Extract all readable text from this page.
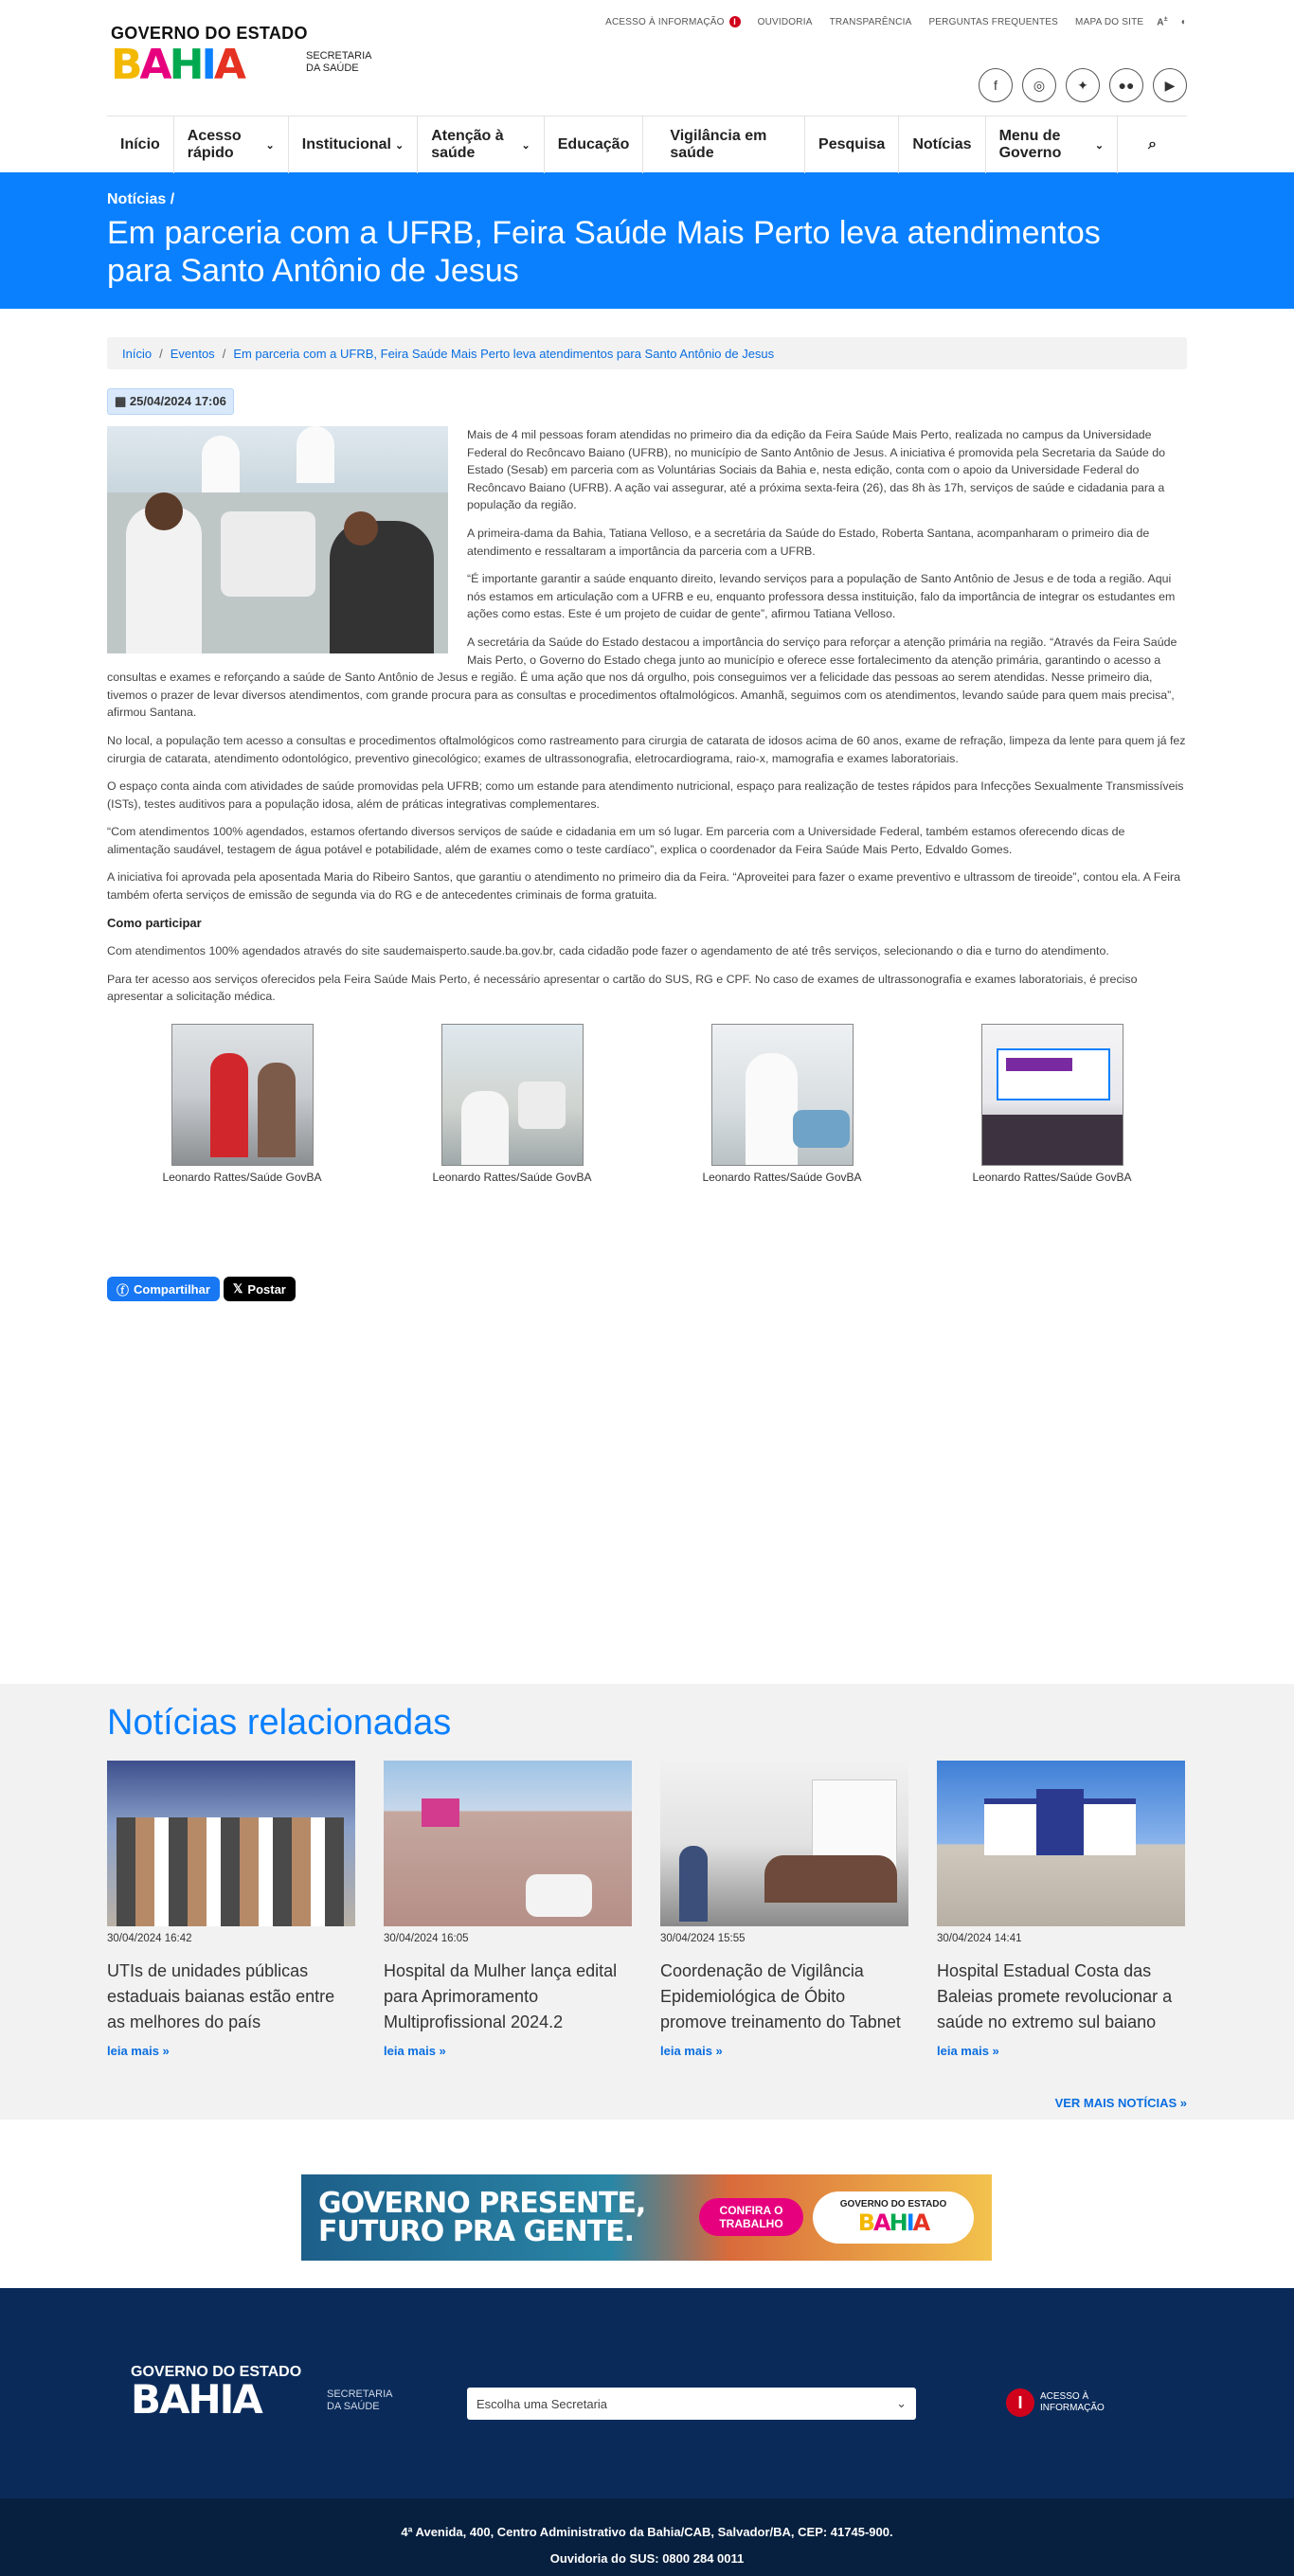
ACESSO À INFORMAÇÃO I	OUVIDORIA TRANSPARÊNCIA PERGUNTAS FREQUENTES MAPA DO SITE A± ◐
GOVERNO DO ESTADO
B A H I A	SECRETARIA DA SAÚDE
f	◎	✦	●●	▶
Início
Acesso rápido	⌄ Institucional ⌄
Atenção à saúde	⌄ Educação
Vigilância em saúde
Pesquisa Notícias
Menu de Governo	⌄	⌕
Notícias /
Em parceria com a UFRB, Feira Saúde Mais Perto leva atendimentos para Santo Antônio de Jesus
Início / Eventos / Em parceria com a UFRB, Feira Saúde Mais Perto leva atendimentos para Santo Antônio de Jesus
▦ 25/04/2024 17:06

Mais de 4 mil pessoas foram atendidas no primeiro dia da edição da Feira Saúde Mais Perto, realizada no campus da Universidade Federal do Recôncavo Baiano (UFRB), no município de Santo Antônio de Jesus. A iniciativa é promovida pela Secretaria da Saúde do Estado (Sesab) em parceria com as Voluntárias Sociais da Bahia e, nesta edição, conta com o apoio da Universidade Federal do Recôncavo Baiano (UFRB). A ação vai assegurar, até a próxima sexta-feira (26), das 8h às 17h, serviços de saúde e cidadania para a população da região.

A primeira-dama da Bahia, Tatiana Velloso, e a secretária da Saúde do Estado, Roberta Santana, acompanharam o primeiro dia de atendimento e ressaltaram a importância da parceria com a UFRB.

“É importante garantir a saúde enquanto direito, levando serviços para a população de Santo Antônio de Jesus e de toda a região. Aqui nós estamos em articulação com a UFRB e eu, enquanto professora dessa instituição, falo da importância de integrar os estudantes em ações como estas. Este é um projeto de cuidar de gente”, afirmou Tatiana Velloso.

A secretária da Saúde do Estado destacou a importância do serviço para reforçar a atenção primária na região. “Através da Feira Saúde Mais Perto, o Governo do Estado chega junto ao município e oferece esse fortalecimento da atenção primária, garantindo o acesso a consultas e exames e reforçando a saúde de Santo Antônio de Jesus e região. É uma ação que nos dá orgulho, pois conseguimos ver a felicidade das pessoas ao serem atendidas. Nesse primeiro dia, tivemos o prazer de levar diversos atendimentos, com grande procura para as consultas e procedimentos oftalmológicos. Amanhã, seguimos com os atendimentos, levando saúde para quem mais precisa”, afirmou Santana.

No local, a população tem acesso a consultas e procedimentos oftalmológicos como rastreamento para cirurgia de catarata de idosos acima de 60 anos, exame de refração, limpeza da lente para quem já fez cirurgia de catarata, atendimento odontológico, preventivo ginecológico; exames de ultrassonografia, eletrocardiograma, raio-x, mamografia e exames laboratoriais.

O espaço conta ainda com atividades de saúde promovidas pela UFRB; como um estande para atendimento nutricional, espaço para realização de testes rápidos para Infecções Sexualmente Transmissíveis (ISTs), testes auditivos para a população idosa, além de práticas integrativas complementares.

“Com atendimentos 100% agendados, estamos ofertando diversos serviços de saúde e cidadania em um só lugar. Em parceria com a Universidade Federal, também estamos oferecendo dicas de alimentação saudável, testagem de água potável e potabilidade, além de exames como o teste cardíaco”, explica o coordenador da Feira Saúde Mais Perto, Edvaldo Gomes.

A iniciativa foi aprovada pela aposentada Maria do Ribeiro Santos, que garantiu o atendimento no primeiro dia da Feira. “Aproveitei para fazer o exame preventivo e ultrassom de tireoide”, contou ela. A Feira também oferta serviços de emissão de segunda via do RG e de antecedentes criminais de forma gratuita.

Como participar

Com atendimentos 100% agendados através do site saudemaisperto.saude.ba.gov.br, cada cidadão pode fazer o agendamento de até três serviços, selecionando o dia e turno do atendimento.

Para ter acesso aos serviços oferecidos pela Feira Saúde Mais Perto, é necessário apresentar o cartão do SUS, RG e CPF. No caso de exames de ultrassonografia e exames laboratoriais, é preciso apresentar a solicitação médica.

Leonardo Rattes/Saúde GovBA	Leonardo Rattes/Saúde GovBA	Leonardo Rattes/Saúde GovBA	Leonardo Rattes/Saúde GovBA
ⓕ Compartilhar 𝕏 Postar
Notícias relacionadas
30/04/2024 16:42
UTIs de unidades públicas estaduais baianas estão entre as melhores do país
leia mais »
30/04/2024 16:05
Hospital da Mulher lança edital para Aprimoramento Multiprofissional 2024.2
leia mais »
30/04/2024 15:55
Coordenação de Vigilância Epidemiológica de Óbito promove treinamento do Tabnet
leia mais »
30/04/2024 14:41
Hospital Estadual Costa das Baleias promete revolucionar a saúde no extremo sul baiano
leia mais »
VER MAIS NOTÍCIAS »
GOVERNO PRESENTE,
FUTURO PRA GENTE.
CONFIRA O TRABALHO
GOVERNO DO ESTADO
BAHIA
GOVERNO DO ESTADO
BAHIA	SECRETARIA DA SAÚDE	Escolha uma Secretaria	⌄	I	ACESSO À INFORMAÇÃO
4ª Avenida, 400, Centro Administrativo da Bahia/CAB, Salvador/BA, CEP: 41745-900.
Ouvidoria do SUS: 0800 284 0011
